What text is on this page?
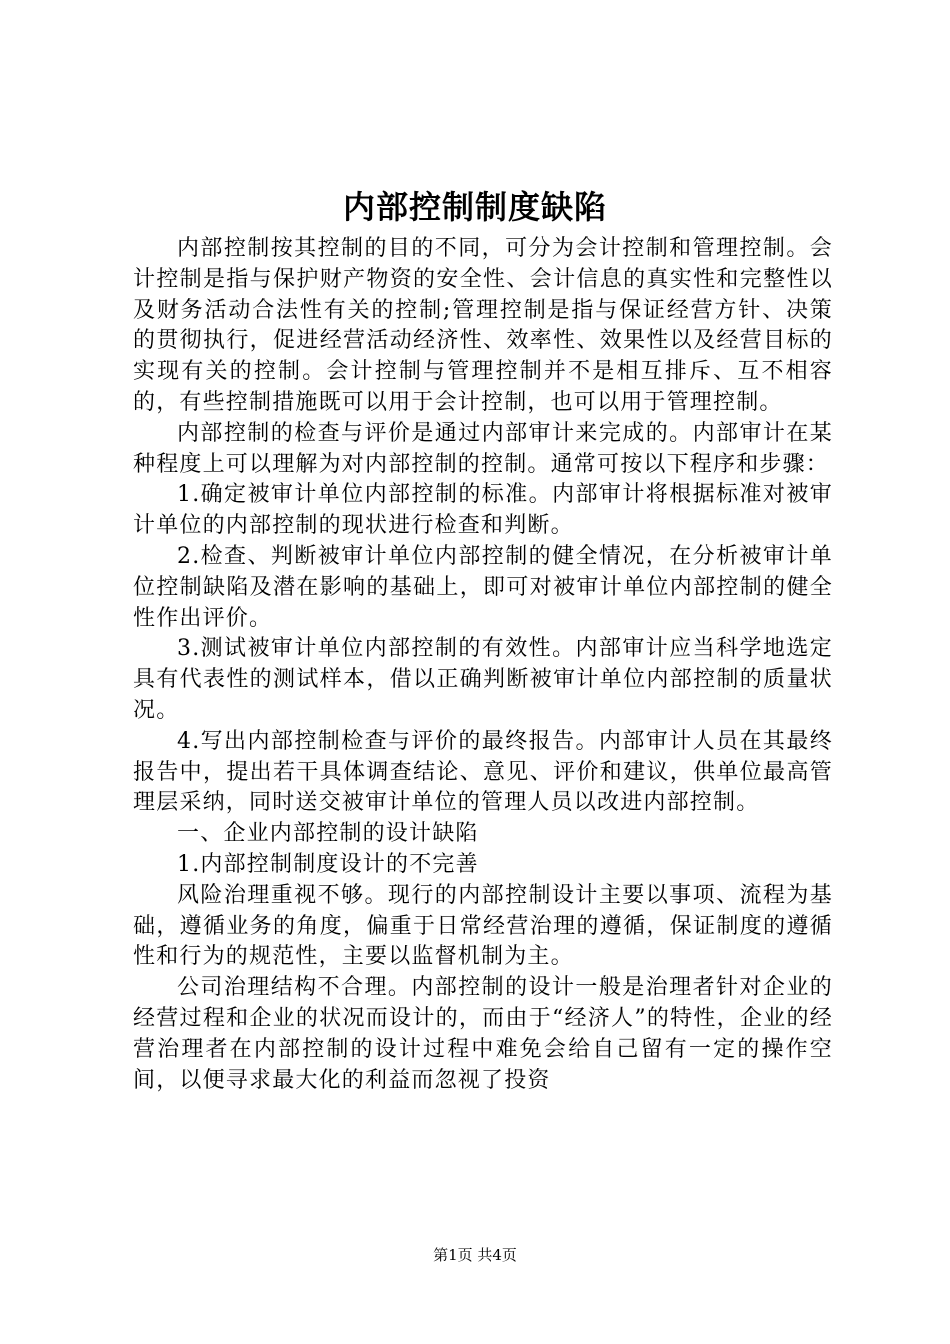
内部控制制度缺陷

内部控制按其控制的目的不同，可分为会计控制和管理控制。会计控制是指与保护财产物资的安全性、会计信息的真实性和完整性以及财务活动合法性有关的控制;管理控制是指与保证经营方针、决策的贯彻执行，促进经营活动经济性、效率性、效果性以及经营目标的实现有关的控制。会计控制与管理控制并不是相互排斥、互不相容的，有些控制措施既可以用于会计控制，也可以用于管理控制。

内部控制的检查与评价是通过内部审计来完成的。内部审计在某种程度上可以理解为对内部控制的控制。通常可按以下程序和步骤：

1.确定被审计单位内部控制的标准。内部审计将根据标准对被审计单位的内部控制的现状进行检查和判断。

2.检查、判断被审计单位内部控制的健全情况，在分析被审计单位控制缺陷及潜在影响的基础上，即可对被审计单位内部控制的健全性作出评价。

3.测试被审计单位内部控制的有效性。内部审计应当科学地选定具有代表性的测试样本，借以正确判断被审计单位内部控制的质量状况。

4.写出内部控制检查与评价的最终报告。内部审计人员在其最终报告中，提出若干具体调查结论、意见、评价和建议，供单位最高管理层采纳，同时送交被审计单位的管理人员以改进内部控制。

一、企业内部控制的设计缺陷

1.内部控制制度设计的不完善

风险治理重视不够。现行的内部控制设计主要以事项、流程为基础，遵循业务的角度，偏重于日常经营治理的遵循，保证制度的遵循性和行为的规范性，主要以监督机制为主。

公司治理结构不合理。内部控制的设计一般是治理者针对企业的经营过程和企业的状况而设计的，而由于“经济人”的特性，企业的经营治理者在内部控制的设计过程中难免会给自己留有一定的操作空间，以便寻求最大化的利益而忽视了投资

第1页 共4页
